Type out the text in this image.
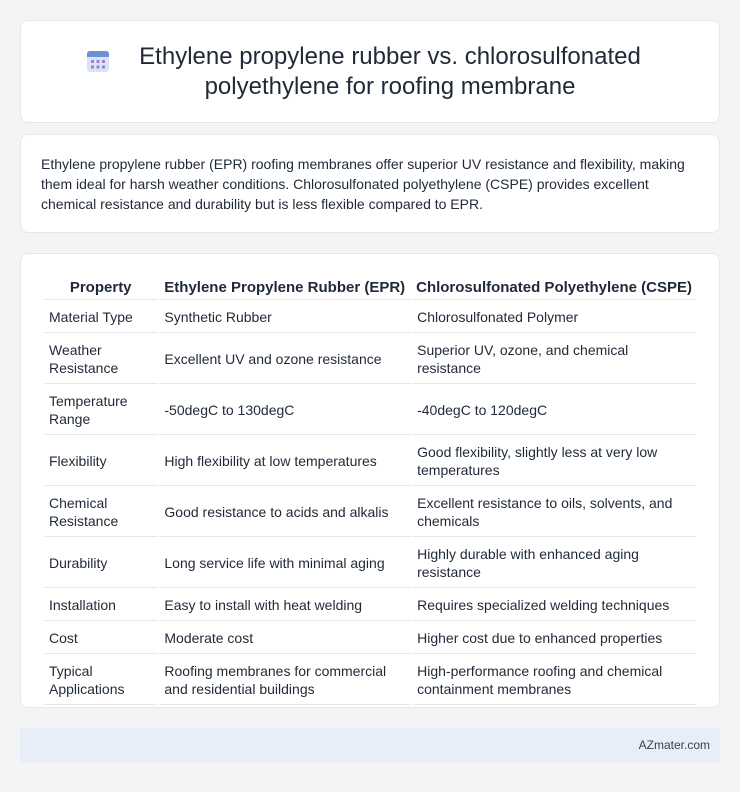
Ethylene propylene rubber vs. chlorosulfonated polyethylene for roofing membrane

Ethylene propylene rubber (EPR) roofing membranes offer superior UV resistance and flexibility, making them ideal for harsh weather conditions. Chlorosulfonated polyethylene (CSPE) provides excellent chemical resistance and durability but is less flexible compared to EPR.

Property	Ethylene Propylene Rubber (EPR)	Chlorosulfonated Polyethylene (CSPE)
Material Type	Synthetic Rubber	Chlorosulfonated Polymer
Weather Resistance	Excellent UV and ozone resistance	Superior UV, ozone, and chemical resistance
Temperature Range	-50degC to 130degC	-40degC to 120degC
Flexibility	High flexibility at low temperatures	Good flexibility, slightly less at very low temperatures
Chemical Resistance	Good resistance to acids and alkalis	Excellent resistance to oils, solvents, and chemicals
Durability	Long service life with minimal aging	Highly durable with enhanced aging resistance
Installation	Easy to install with heat welding	Requires specialized welding techniques
Cost	Moderate cost	Higher cost due to enhanced properties
Typical Applications	Roofing membranes for commercial and residential buildings	High-performance roofing and chemical containment membranes
AZmater.com
